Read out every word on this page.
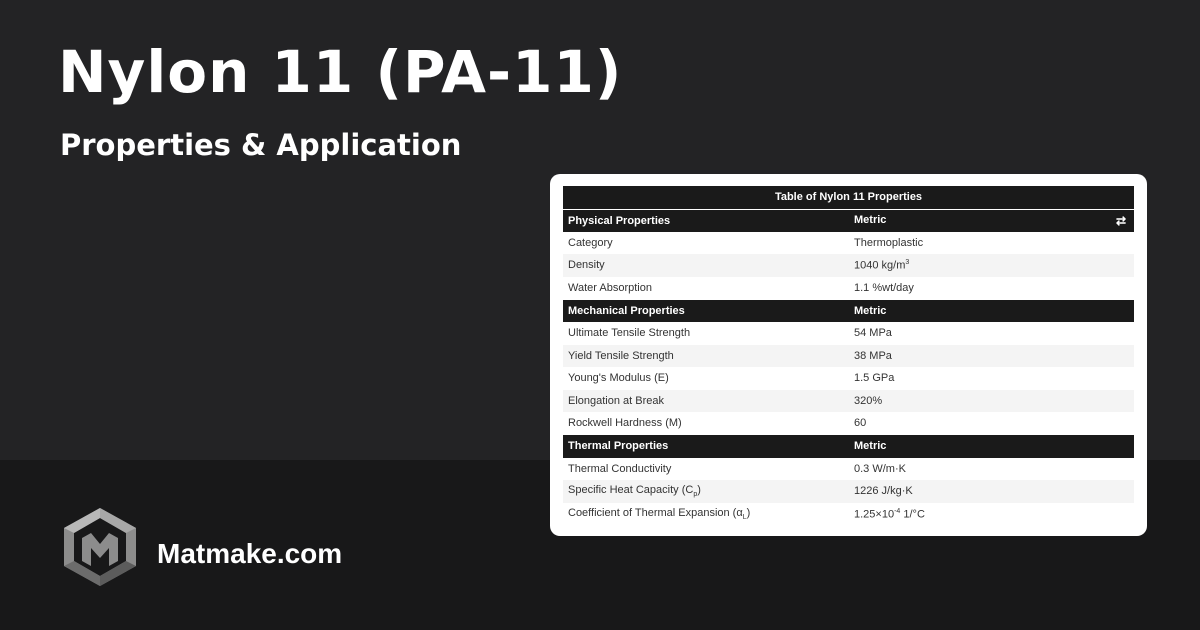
Nylon 11 (PA-11)
Properties & Application
Matmake.com
Table of Nylon 11 Properties	
Physical Properties	Metric ⇄

Category	Thermoplastic
Density	1040 $kg/m^3$
Water Absorption	1.1 %wt/day
Mechanical Properties	Metric
Ultimate Tensile Strength	54 MPa
Yield Tensile Strength	38 MPa
Young's Modulus (E)	1.5 GPa
Elongation at Break	320%
Rockwell Hardness (M)	60
Thermal Properties	Metric
Thermal Conductivity	0.3 W/m·K
Specific Heat Capacity $(C_p)$	1226 J/kg·K
Coefficient of Thermal Expansion $(\alpha_L)$	$1.25\times 10^{-4}$ 1/°C
